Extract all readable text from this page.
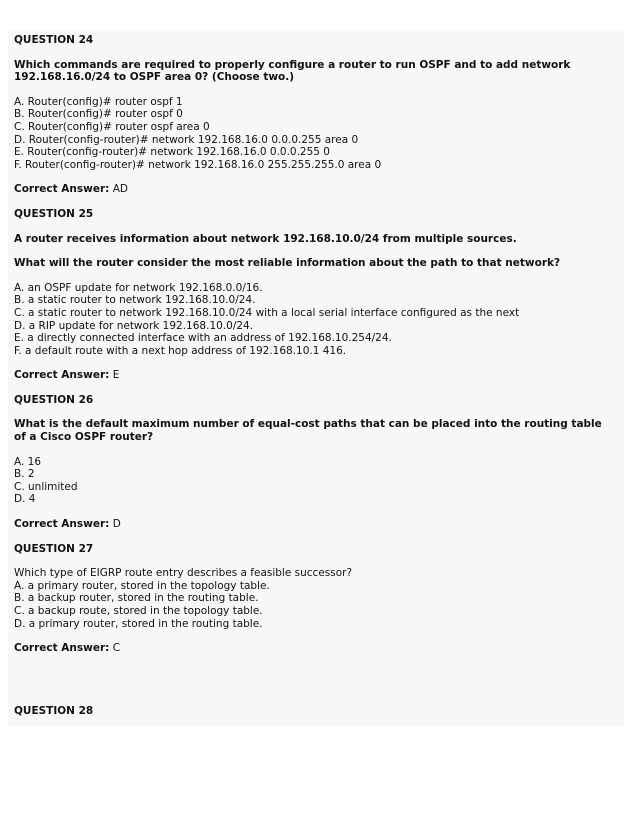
QUESTION 24
Which commands are required to properly configure a router to run OSPF and to add network 192.168.16.0/24 to OSPF area 0? (Choose two.)
A. Router(config)# router ospf 1
B. Router(config)# router ospf 0
C. Router(config)# router ospf area 0
D. Router(config-router)# network 192.168.16.0 0.0.0.255 area 0
E. Router(config-router)# network 192.168.16.0 0.0.0.255 0
F. Router(config-router)# network 192.168.16.0 255.255.255.0 area 0
Correct Answer: AD
QUESTION 25
A router receives information about network 192.168.10.0/24 from multiple sources.
What will the router consider the most reliable information about the path to that network?
A. an OSPF update for network 192.168.0.0/16.
B. a static router to network 192.168.10.0/24.
C. a static router to network 192.168.10.0/24 with a local serial interface configured as the next
D. a RIP update for network 192.168.10.0/24.
E. a directly connected interface with an address of 192.168.10.254/24.
F. a default route with a next hop address of 192.168.10.1 416.
Correct Answer: E
QUESTION 26
What is the default maximum number of equal-cost paths that can be placed into the routing table of a Cisco OSPF router?
A. 16
B. 2
C. unlimited
D. 4
Correct Answer: D
QUESTION 27
Which type of EIGRP route entry describes a feasible successor?
A. a primary router, stored in the topology table.
B. a backup router, stored in the routing table.
C. a backup route, stored in the topology table.
D. a primary router, stored in the routing table.
Correct Answer: C
QUESTION 28
